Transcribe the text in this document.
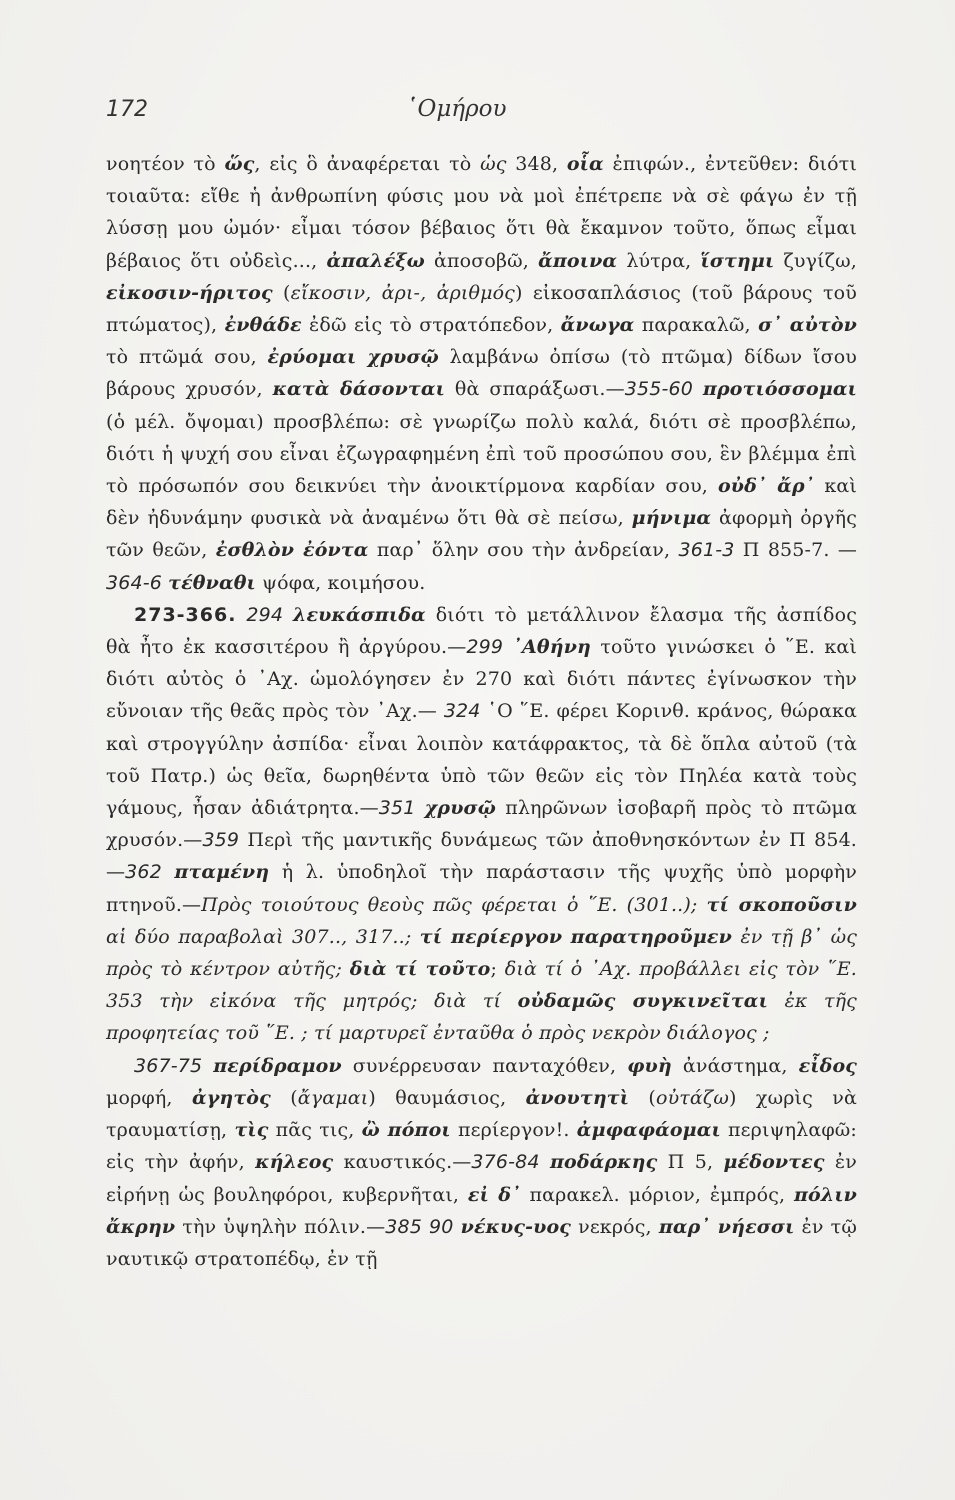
172	῾Ομήρου

νοητέον τὸ ὥς, εἰς ὃ ἀναφέρεται τὸ ὡς 348, οἷα ἐπιφών., ἐντεῦθεν: διότι τοιαῦτα: εἴθε ἡ ἀνθρωπίνη φύσις μου νὰ μοὶ ἐπέτρεπε νὰ σὲ φάγω ἐν τῇ λύσσῃ μου ὠμόν· εἶμαι τόσον βέβαιος ὅτι θὰ ἔκαμνον τοῦτο, ὅπως εἶμαι βέβαιος ὅτι οὐδεὶς..., ἀπαλέξω ἀποσοβῶ, ἄποινα λύτρα, ἵστημι ζυγίζω, εἰκοσιν-ήριτος (εἴκοσιν, ἀρι-, ἀριθμός) εἰκοσαπλάσιος (τοῦ βάρους τοῦ πτώματος), ἐνθάδε ἐδῶ εἰς τὸ στρατόπεδον, ἄνωγα παρακαλῶ, σ᾽ αὐτὸν τὸ πτῶμά σου, ἐρύομαι χρυσῷ λαμβάνω ὀπίσω (τὸ πτῶμα) δίδων ἴσου βάρους χρυσόν, κατὰ δάσονται θὰ σπαράξωσι.—355-60 προτιόσσομαι (ὁ μέλ. ὄψομαι) προσβλέπω: σὲ γνωρίζω πολὺ καλά, διότι σὲ προσβλέπω, διότι ἡ ψυχή σου εἶναι ἐζωγραφημένη ἐπὶ τοῦ προσώπου σου, ἓν βλέμμα ἐπὶ τὸ πρόσωπόν σου δεικνύει τὴν ἀνοικτίρμονα καρδίαν σου, οὐδ᾽ ἄρ᾽ καὶ δὲν ἠδυνάμην φυσικὰ νὰ ἀναμένω ὅτι θὰ σὲ πείσω, μήνιμα ἀφορμὴ ὀργῆς τῶν θεῶν, ἐσθλὸν ἐόντα παρ᾽ ὅλην σου τὴν ἀνδρείαν, 361-3 Π 855-7. — 364-6 τέθναθι ψόφα, κοιμήσου.

273-366. 294 λευκάσπιδα διότι τὸ μετάλλινον ἔλασμα τῆς ἀσπίδος θὰ ἦτο ἐκ κασσιτέρου ἢ ἀργύρου.—299 ᾽Αθήνη τοῦτο γινώσκει ὁ ῞Ε. καὶ διότι αὐτὸς ὁ ᾽Αχ. ὡμολόγησεν ἐν 270 καὶ διότι πάντες ἐγίνωσκον τὴν εὔνοιαν τῆς θεᾶς πρὸς τὸν ᾽Αχ.— 324 ῾Ο ῞Ε. φέρει Κορινθ. κράνος, θώρακα καὶ στρογγύλην ἀσπίδα· εἶναι λοιπὸν κατάφρακτος, τὰ δὲ ὅπλα αὐτοῦ (τὰ τοῦ Πατρ.) ὡς θεῖα, δωρηθέντα ὑπὸ τῶν θεῶν εἰς τὸν Πηλέα κατὰ τοὺς γάμους, ἦσαν ἀδιάτρητα.—351 χρυσῷ πληρῶνων ἰσοβαρῆ πρὸς τὸ πτῶμα χρυσόν.—359 Περὶ τῆς μαντικῆς δυνάμεως τῶν ἀποθνησκόντων ἐν Π 854.—362 πταμένη ἡ λ. ὑποδηλοῖ τὴν παράστασιν τῆς ψυχῆς ὑπὸ μορφὴν πτηνοῦ.—Πρὸς τοιούτους θεοὺς πῶς φέρεται ὁ ῞Ε. (301..); τί σκοποῦσιν αἱ δύο παραβολαὶ 307.., 317..; τί περίεργον παρατηροῦμεν ἐν τῇ β᾽ ὡς πρὸς τὸ κέντρον αὐτῆς; διὰ τί τοῦτο; διὰ τί ὁ ᾽Αχ. προβάλλει εἰς τὸν ῞Ε. 353 τὴν εἰκόνα τῆς μητρός; διὰ τί οὐδαμῶς συγκινεῖται ἐκ τῆς προφητείας τοῦ ῞Ε. ; τί μαρτυρεῖ ἐνταῦθα ὁ πρὸς νεκρὸν διάλογος ;

367-75 περίδραμον συνέρρευσαν πανταχόθεν, φυὴ ἀνάστημα, εἶδος μορφή, ἀγητὸς (ἄγαμαι) θαυμάσιος, ἀνουτητὶ (οὐτάζω) χωρὶς νὰ τραυματίσῃ, τὶς πᾶς τις, ὢ πόποι περίεργον!. ἀμφαφάομαι περιψηλαφῶ: εἰς τὴν ἀφήν, κήλεος καυστικός.—376-84 ποδάρκης Π 5, μέδοντες ἐν εἰρήνῃ ὡς βουληφόροι, κυβερνῆται, εἰ δ᾽ παρακελ. μόριον, ἐμπρός, πόλιν ἄκρην τὴν ὑψηλὴν πόλιν.—385 90 νέκυς-υος νεκρός, παρ᾽ νήεσσι ἐν τῷ ναυτικῷ στρατοπέδῳ, ἐν τῇ
